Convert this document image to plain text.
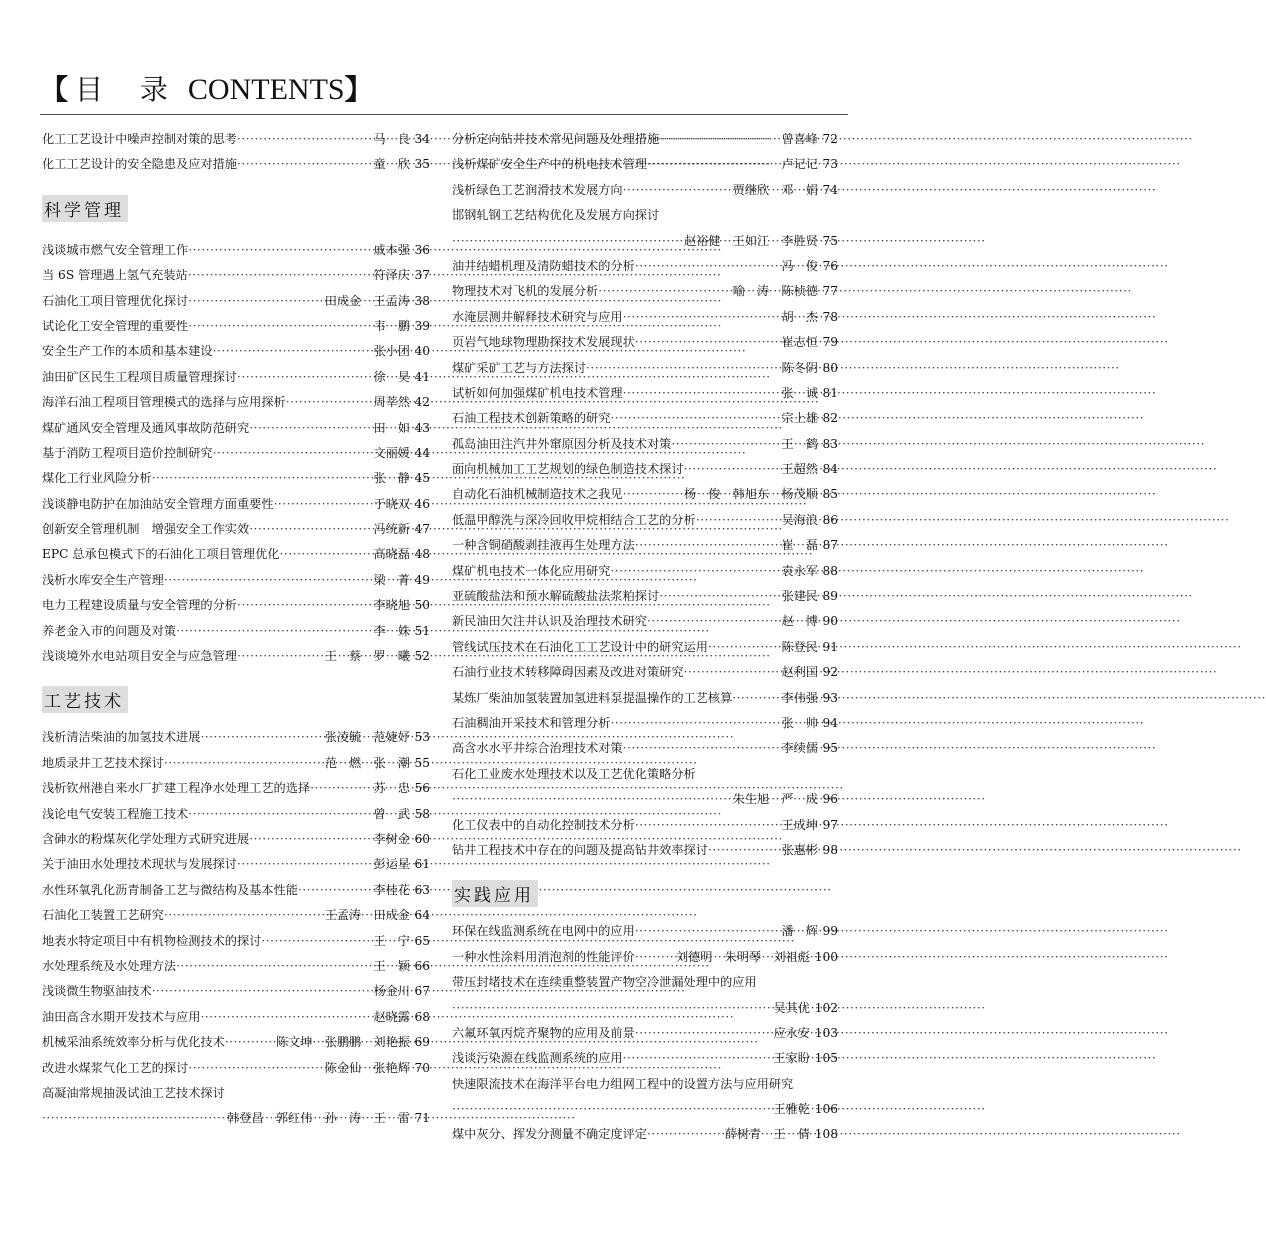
【 目 录 CONTENTS】
化工工艺设计中噪声控制对策的思考 ·····	马　良 34
化工工艺设计的安全隐患及应对措施 ·····	童　欣 35
科学管理
浅谈城市燃气安全管理工作 ·····	戚本强 36
当 6S 管理遇上氢气充装站 ·····	符泽庆 37
石油化工项目管理优化探讨 ·····	田成金　王孟涛 38
试论化工安全管理的重要性 ·····	韦　鹏 39
安全生产工作的本质和基本建设 ·····	张小团 40
油田矿区民生工程项目质量管理探讨 ·····	徐　昊 41
海洋石油工程项目管理模式的选择与应用探析 ·····	周莘然 42
煤矿通风安全管理及通风事故防范研究 ·····	田　如 43
基于消防工程项目造价控制研究 ·····	文丽媛 44
煤化工行业风险分析 ·····	张　静 45
浅谈静电防护在加油站安全管理方面重要性 ·····	于晓双 46
创新安全管理机制　增强安全工作实效 ·····	冯统新 47
EPC 总承包模式下的石油化工项目管理优化 ·····	高晓磊 48
浅析水库安全生产管理 ·····	梁　菁 49
电力工程建设质量与安全管理的分析 ·····	李晓旭 50
养老金入市的问题及对策 ·····	李　姝 51
浅谈境外水电站项目安全与应急管理 ·····	王　蔡　罗　曦 52
工艺技术
浅析清洁柴油的加氢技术进展 ·····	张凌毓　范婕妤 53
地质录井工艺技术探讨 ·····	范　燃　张　潮 55
浅析钦州港自来水厂扩建工程净水处理工艺的选择 ·····	苏　忠 56
浅论电气安装工程施工技术 ·····	曾　武 58
含砷水的粉煤灰化学处理方式研究进展 ·····	李树金 60
关于油田水处理技术现状与发展探讨 ·····	彭运星 61
水性环氧乳化沥青制备工艺与微结构及基本性能 ·····	李桂花 63
石油化工装置工艺研究 ·····	王孟涛　田成金 64
地表水特定项目中有机物检测技术的探讨 ·····	王　宁 65
水处理系统及水处理方法 ·····	王　颖 66
浅谈微生物驱油技术 ·····	杨金川 67
油田高含水期开发技术与应用 ·····	赵晓露 68
机械采油系统效率分析与优化技术 ·····	陈文坤　张鹏鹏　刘艳振 69
改进水煤浆气化工艺的探讨 ·····	陈金仙　张艳辉 70
高凝油常规抽汲试油工艺技术探讨
·····
韩登昌　郭红伟　孙　涛　王　雷 71
分析定向钻井技术常见问题及处理措施 ·····	曾喜峰 72
浅析煤矿安全生产中的机电技术管理 ·····	卢记记 73
浅析绿色工艺润滑技术发展方向 ·····	贾继欣　邓　娟 74
邯钢轧钢工艺结构优化及发展方向探讨
·····
赵裕健　王如江　李胜贤 75
油井结蜡机理及清防蜡技术的分析 ·····	冯　俊 76
物理技术对飞机的发展分析 ·····	喻　涛　陈桢德 77
水淹层测井解释技术研究与应用 ·····	胡　杰 78
页岩气地球物理勘探技术发展现状 ·····	崔志恒 79
煤矿采矿工艺与方法探讨 ·····	陈冬阴 80
试析如何加强煤矿机电技术管理 ·····	张　诚 81
石油工程技术创新策略的研究 ·····	宗上雄 82
孤岛油田注汽井外窜原因分析及技术对策 ·····	王　鹤 83
面向机械加工工艺规划的绿色制造技术探讨 ·····	王超然 84
自动化石油机械制造技术之我见 ·····	杨　俊　韩旭东　杨茂顺 85
低温甲醇洗与深冷回收甲烷相结合工艺的分析 ·····	吴海浪 86
一种含铜硝酸剥挂液再生处理方法 ·····	崔　磊 87
煤矿机电技术一体化应用研究 ·····	袁永军 88
亚硫酸盐法和预水解硫酸盐法浆粕探讨 ·····	张建民 89
新民油田欠注井认识及治理技术研究 ·····	赵　博 90
管线试压技术在石油化工工艺设计中的研究运用 ·····	陈登民 91
石油行业技术转移障碍因素及改进对策研究 ·····	赵利国 92
某炼厂柴油加氢装置加氢进料泵提温操作的工艺核算 ·····	李伟强 93
石油稠油开采技术和管理分析 ·····	张　帅 94
高含水水平井综合治理技术对策 ·····	李续儒 95
石化工业废水处理技术以及工艺优化策略分析
·····
朱生旭　严　成 96
化工仪表中的自动化控制技术分析 ·····	王成坤 97
钻井工程技术中存在的问题及提高钻井效率探讨 ·····	张惠彬 98
实践应用
环保在线监测系统在电网中的应用 ·····	潘　辉 99
一种水性涂料用消泡剂的性能评价 ·····	刘德明　朱明琴　刘祖彪 100
带压封堵技术在连续重整装置产物空冷泄漏处理中的应用
·····
吴其优 102
六氟环氧丙烷齐聚物的应用及前景 ·····	应永安 103
浅谈污染源在线监测系统的应用 ·····	王家盼 105
快速限流技术在海洋平台电力组网工程中的设置方法与应用研究
·····
王雅乾 106
煤中灰分、挥发分测量不确定度评定 ·····	薛树青　王　倩 108
